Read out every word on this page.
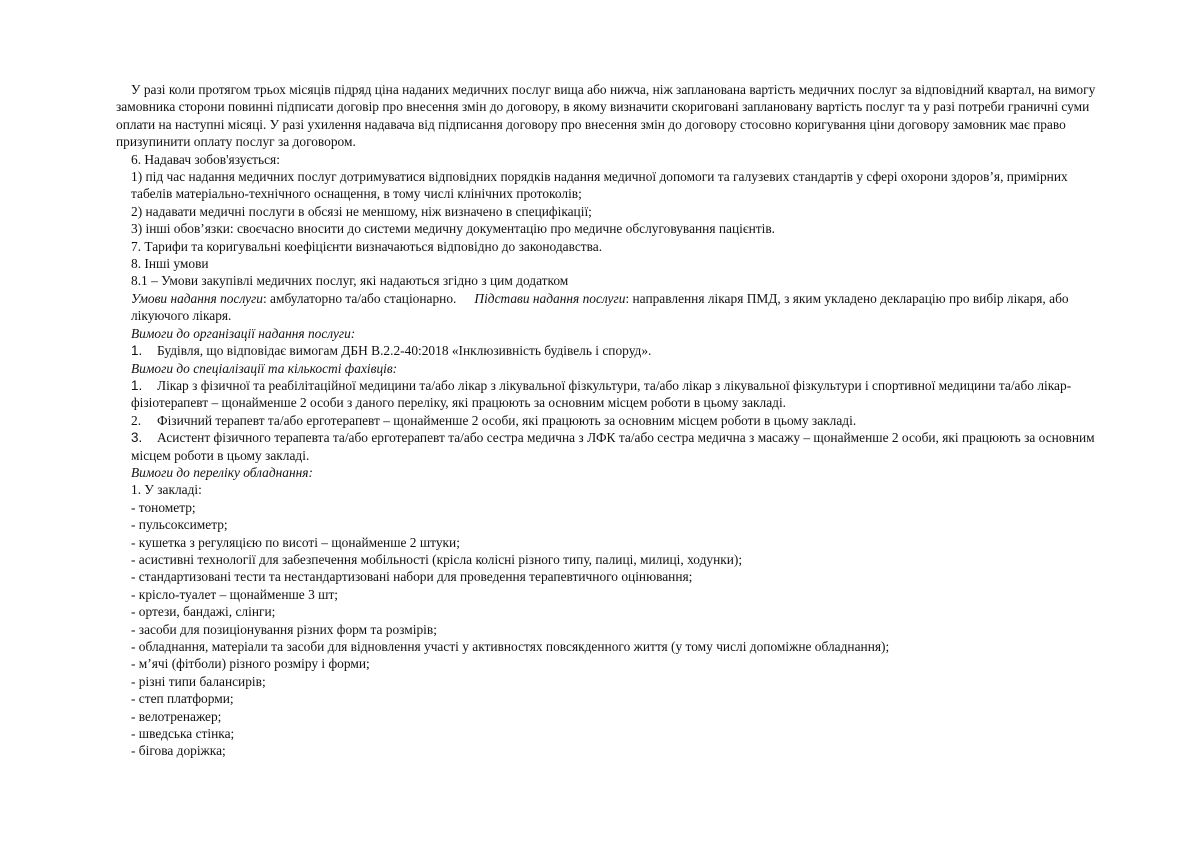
У разі коли протягом трьох місяців підряд ціна наданих медичних послуг вища або нижча, ніж запланована вартість медичних послуг за відповідний квартал, на вимогу замовника сторони повинні підписати договір про внесення змін до договору, в якому визначити скориговані заплановану вартість послуг та у разі потреби граничні суми оплати на наступні місяці. У разі ухилення надавача від підписання договору про внесення змін до договору стосовно коригування ціни договору замовник має право призупинити оплату послуг за договором.

6. Надавач зобов'язується:

1) під час надання медичних послуг дотримуватися відповідних порядків надання медичної допомоги та галузевих стандартів у сфері охорони здоров’я, примірних табелів матеріально-технічного оснащення, в тому числі клінічних протоколів;

2) надавати медичні послуги в обсязі не меншому, ніж визначено в специфікації;

3) інші обов’язки: своєчасно вносити до системи медичну документацію про медичне обслуговування пацієнтів.

7. Тарифи та коригувальні коефіцієнти визначаються відповідно до законодавства.

8. Інші умови

8.1 – Умови закупівлі медичних послуг, які надаються згідно з цим додатком

Умови надання послуги: амбулаторно та/або стаціонарно. Підстави надання послуги: направлення лікаря ПМД, з яким укладено декларацію про вибір лікаря, або лікуючого лікаря.

Вимоги до організації надання послуги:

1. Будівля, що відповідає вимогам ДБН В.2.2-40:2018 «Інклюзивність будівель і споруд».

Вимоги до спеціалізації та кількості фахівців:

1. Лікар з фізичної та реабілітаційної медицини та/або лікар з лікувальної фізкультури, та/або лікар з лікувальної фізкультури і спортивної медицини та/або лікар-фізіотерапевт – щонайменше 2 особи з даного переліку, які працюють за основним місцем роботи в цьому закладі.

2. Фізичний терапевт та/або ерготерапевт – щонайменше 2 особи, які працюють за основним місцем роботи в цьому закладі.

3. Асистент фізичного терапевта та/або ерготерапевт та/або сестра медична з ЛФК та/або сестра медична з масажу – щонайменше 2 особи, які працюють за основним місцем роботи в цьому закладі.

Вимоги до переліку обладнання:

1. У закладі:

- тонометр;

- пульсоксиметр;

- кушетка з регуляцією по висоті – щонайменше 2 штуки;

- асистивні технології для забезпечення мобільності (крісла колісні різного типу, палиці, милиці, ходунки);

- стандартизовані тести та нестандартизовані набори для проведення терапевтичного оцінювання;

- крісло-туалет – щонайменше 3 шт;

- ортези, бандажі, слінги;

- засоби для позиціонування різних форм та розмірів;

- обладнання, матеріали та засоби для відновлення участі у активностях повсякденного життя (у тому числі допоміжне обладнання);

- м’ячі (фітболи) різного розміру і форми;

- різні типи балансирів;

- степ платформи;

- велотренажер;

- шведська стінка;

- бігова доріжка;
